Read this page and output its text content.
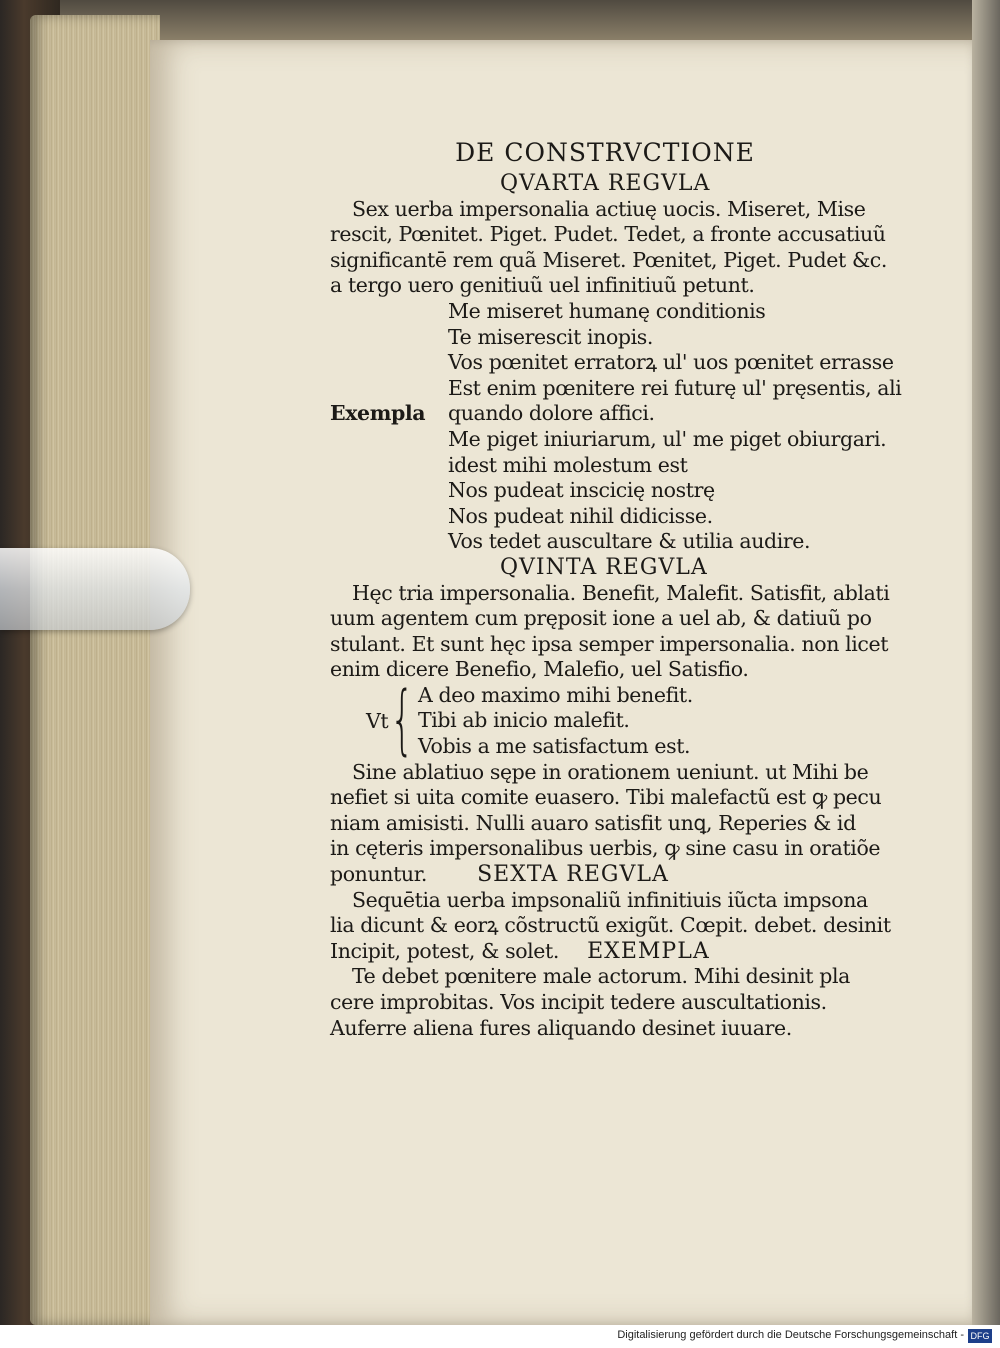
DE CONSTRVCTIONE
QVARTA REGVLA
Sex uerba impersonalia actiuę uocis. Miseret, Mise
rescit, Pœnitet. Piget. Pudet. Tedet, a fronte accusatiuũ
significantē rem quã Miseret. Pœnitet, Piget. Pudet &c.
a tergo uero genitiuũ uel infinitiuũ petunt.
Me miseret humanę conditionis
Te miserescit inopis.
Vos pœnitet erratorꝝ ul' uos pœnitet errasse
Est enim pœnitere rei futurę ul' pręsentis, ali
quando dolore affici.
Me piget iniuriarum, ul' me piget obiurgari.
idest mihi molestum est
Nos pudeat inscicię nostrę
Nos pudeat nihil didicisse.
Vos tedet auscultare & utilia audire.
Exempla
QVINTA REGVLA
Hęc tria impersonalia. Benefit, Malefit. Satisfit, ablati
uum agentem cum pręposit ione a uel ab, & datiuũ po
stulant. Et sunt hęc ipsa semper impersonalia. non licet
enim dicere Benefio, Malefio, uel Satisfio.
Vt { A deo maximo mihi benefit.
Tibi ab inicio malefit.
Vobis a me satisfactum est.
Sine ablatiuo sępe in orationem ueniunt. ut Mihi be
nefiet si uita comite euasero. Tibi malefactũ est ꝙ pecu
niam amisisti. Nulli auaro satisfit unꝗ, Reperies & id
in cęteris impersonalibus uerbis, ꝙ sine casu in oratiõe
ponuntur. SEXTA REGVLA
Sequētia uerba impsonaliũ infinitiuis iũcta impsona
lia dicunt & eorꝝ cõstructũ exigũt. Cœpit. debet. desinit
Incipit, potest, & solet. EXEMPLA
Te debet pœnitere male actorum. Mihi desinit pla
cere improbitas. Vos incipit tedere auscultationis.
Auferre aliena fures aliquando desinet iuuare.
Digitalisierung gefördert durch die Deutsche Forschungsgemeinschaft - DFG
